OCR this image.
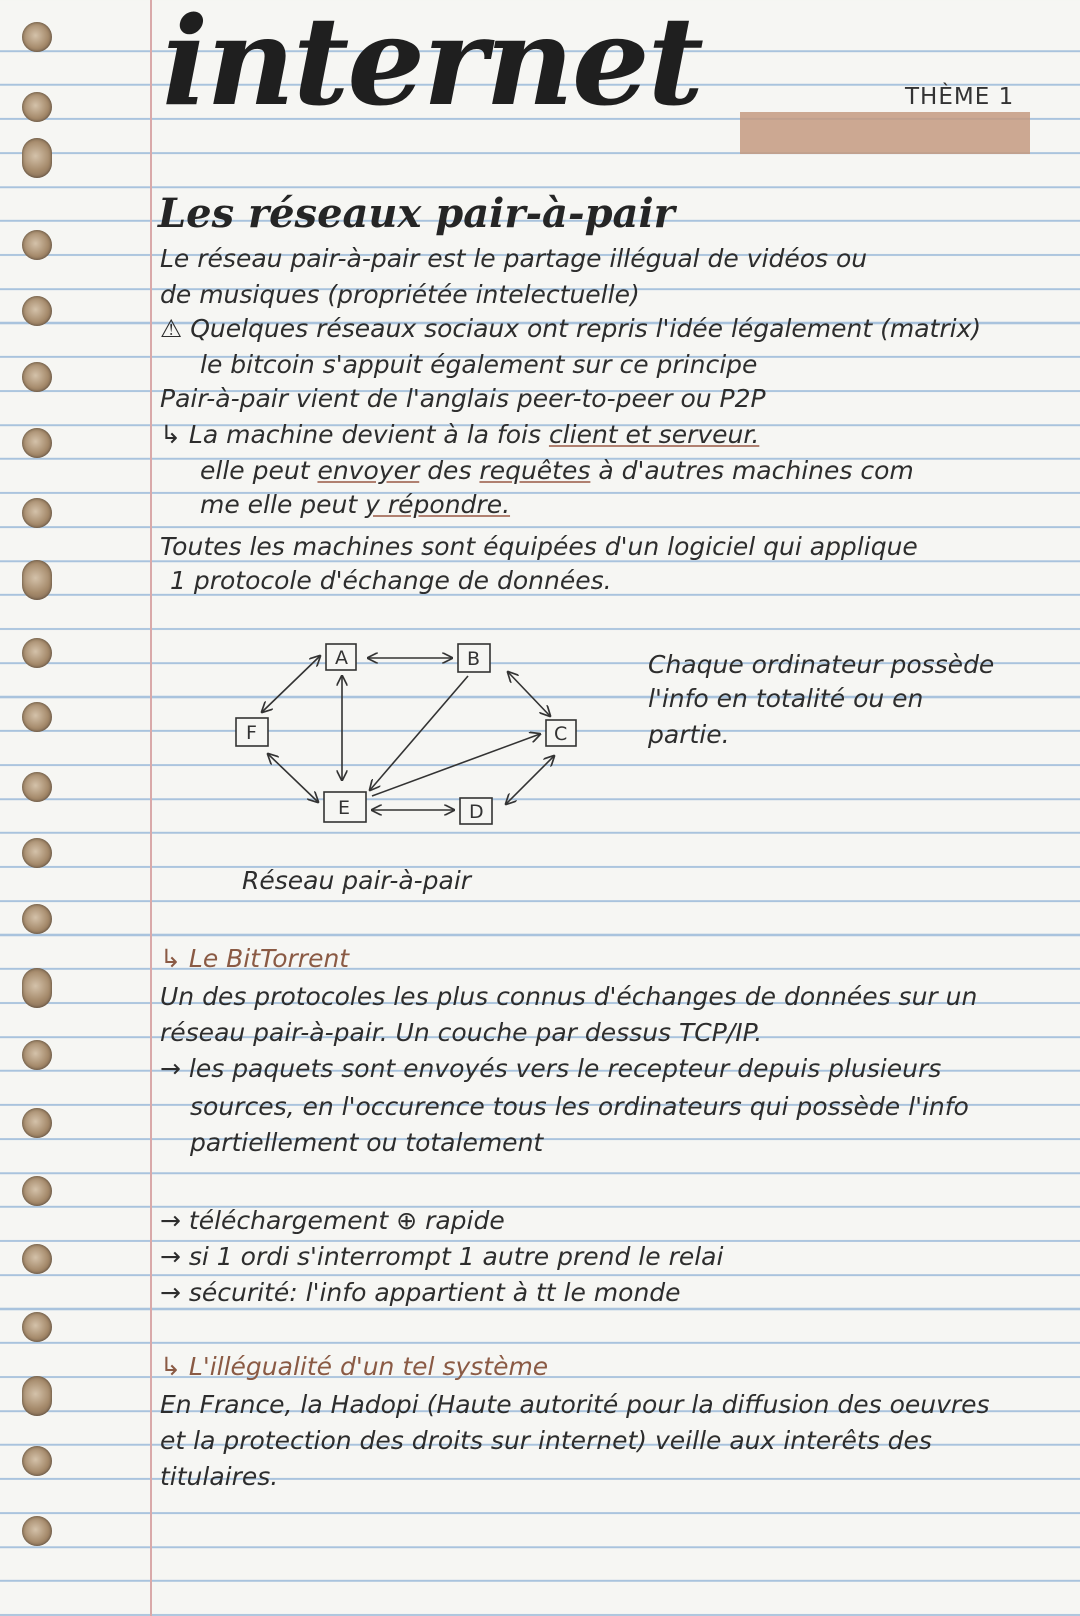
internet	THÈME 1
Les réseaux pair-à-pair
Le réseau pair-à-pair est le partage illégual de vidéos ou
de musiques (propriétée intelectuelle)
⚠ Quelques réseaux sociaux ont repris l'idée légalement (matrix)
le bitcoin s'appuit également sur ce principe
Pair-à-pair vient de l'anglais peer-to-peer ou P2P
↳ La machine devient à la fois client et serveur.
elle peut envoyer des requêtes à d'autres machines com
me elle peut y répondre.
Toutes les machines sont équipées d'un logiciel qui applique
1 protocole d'échange de données.
A	B
C
D
E
F
Chaque ordinateur possède
l'info en totalité ou en
partie.
Réseau pair-à-pair
↳ Le BitTorrent
Un des protocoles les plus connus d'échanges de données sur un
réseau pair-à-pair. Un couche par dessus TCP/IP.
→ les paquets sont envoyés vers le recepteur depuis plusieurs
sources, en l'occurence tous les ordinateurs qui possède l'info
partiellement ou totalement
→ téléchargement ⊕ rapide
→ si 1 ordi s'interrompt 1 autre prend le relai
→ sécurité: l'info appartient à tt le monde
↳ L'illégualité d'un tel système
En France, la Hadopi (Haute autorité pour la diffusion des oeuvres
et la protection des droits sur internet) veille aux interêts des
titulaires.
